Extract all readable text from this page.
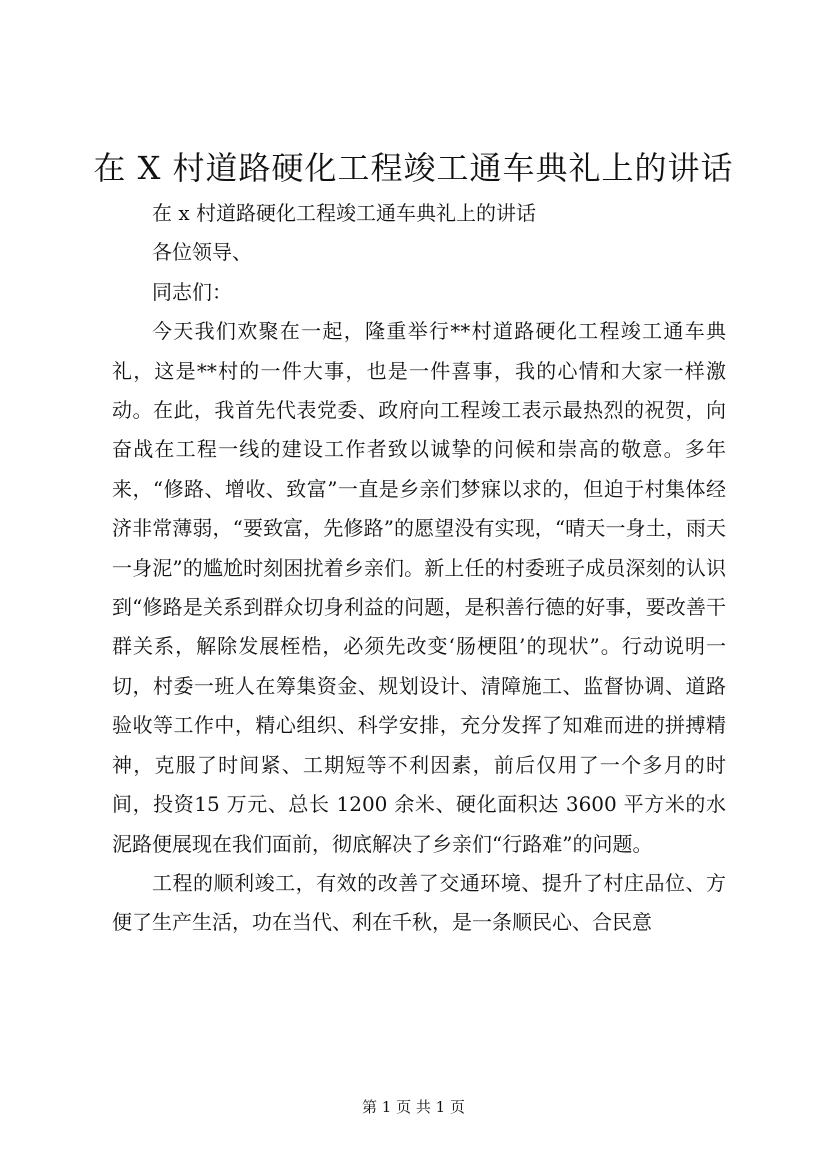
在 X 村道路硬化工程竣工通车典礼上的讲话

在 x 村道路硬化工程竣工通车典礼上的讲话

各位领导、

同志们：

今天我们欢聚在一起，隆重举行**村道路硬化工程竣工通车典礼，这是**村的一件大事，也是一件喜事，我的心情和大家一样激动。在此，我首先代表党委、政府向工程竣工表示最热烈的祝贺，向奋战在工程一线的建设工作者致以诚挚的问候和崇高的敬意。多年来，“修路、增收、致富”一直是乡亲们梦寐以求的，但迫于村集体经济非常薄弱，“要致富，先修路”的愿望没有实现，“晴天一身土，雨天一身泥”的尴尬时刻困扰着乡亲们。新上任的村委班子成员深刻的认识到“修路是关系到群众切身利益的问题，是积善行德的好事，要改善干群关系，解除发展桎梏，必须先改变‘肠梗阻’的现状”。行动说明一切，村委一班人在筹集资金、规划设计、清障施工、监督协调、道路验收等工作中，精心组织、科学安排，充分发挥了知难而进的拼搏精神，克服了时间紧、工期短等不利因素，前后仅用了一个多月的时间，投资15 万元、总长 1200 余米、硬化面积达 3600 平方米的水泥路便展现在我们面前，彻底解决了乡亲们“行路难”的问题。

工程的顺利竣工，有效的改善了交通环境、提升了村庄品位、方便了生产生活，功在当代、利在千秋，是一条顺民心、合民意

第 1 页 共 1 页
